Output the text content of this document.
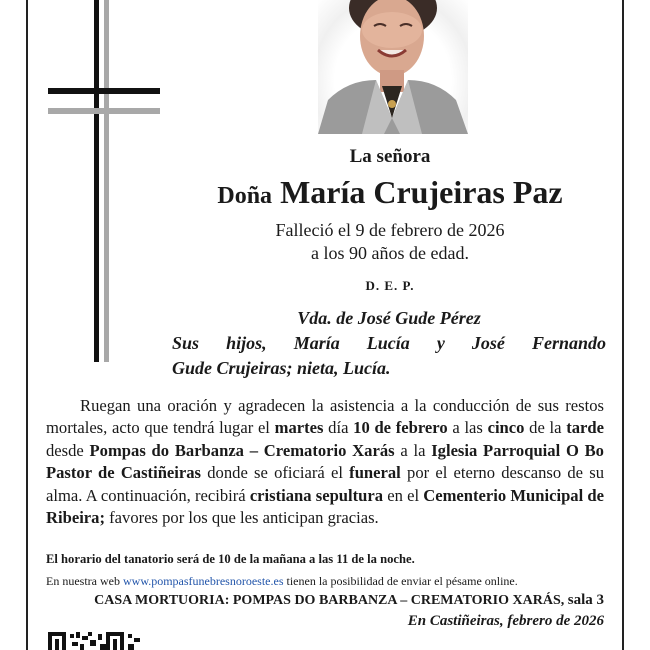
La señora
Doña María Crujeiras Paz
Falleció el 9 de febrero de 2026
a los 90 años de edad.
D. E. P.
Vda. de José Gude Pérez
Sus hijos, María Lucía y José Fernando
Gude Crujeiras; nieta, Lucía.
Ruegan una oración y agradecen la asistencia a la conducción de sus restos mortales, acto que tendrá lugar el martes día 10 de febrero a las cinco de la tarde desde Pompas do Barbanza – Crematorio Xarás a la Iglesia Parroquial O Bo Pastor de Castiñeiras donde se oficiará el funeral por el eterno descanso de su alma. A continuación, recibirá cristiana sepultura en el Cementerio Municipal de Ribeira; favores por los que les anticipan gracias.
El horario del tanatorio será de 10 de la mañana a las 11 de la noche.
En nuestra web www.pompasfunebresnoroeste.es tienen la posibilidad de enviar el pésame online.
CASA MORTUORIA: POMPAS DO BARBANZA – CREMATORIO XARÁS, sala 3
En Castiñeiras, febrero de 2026
